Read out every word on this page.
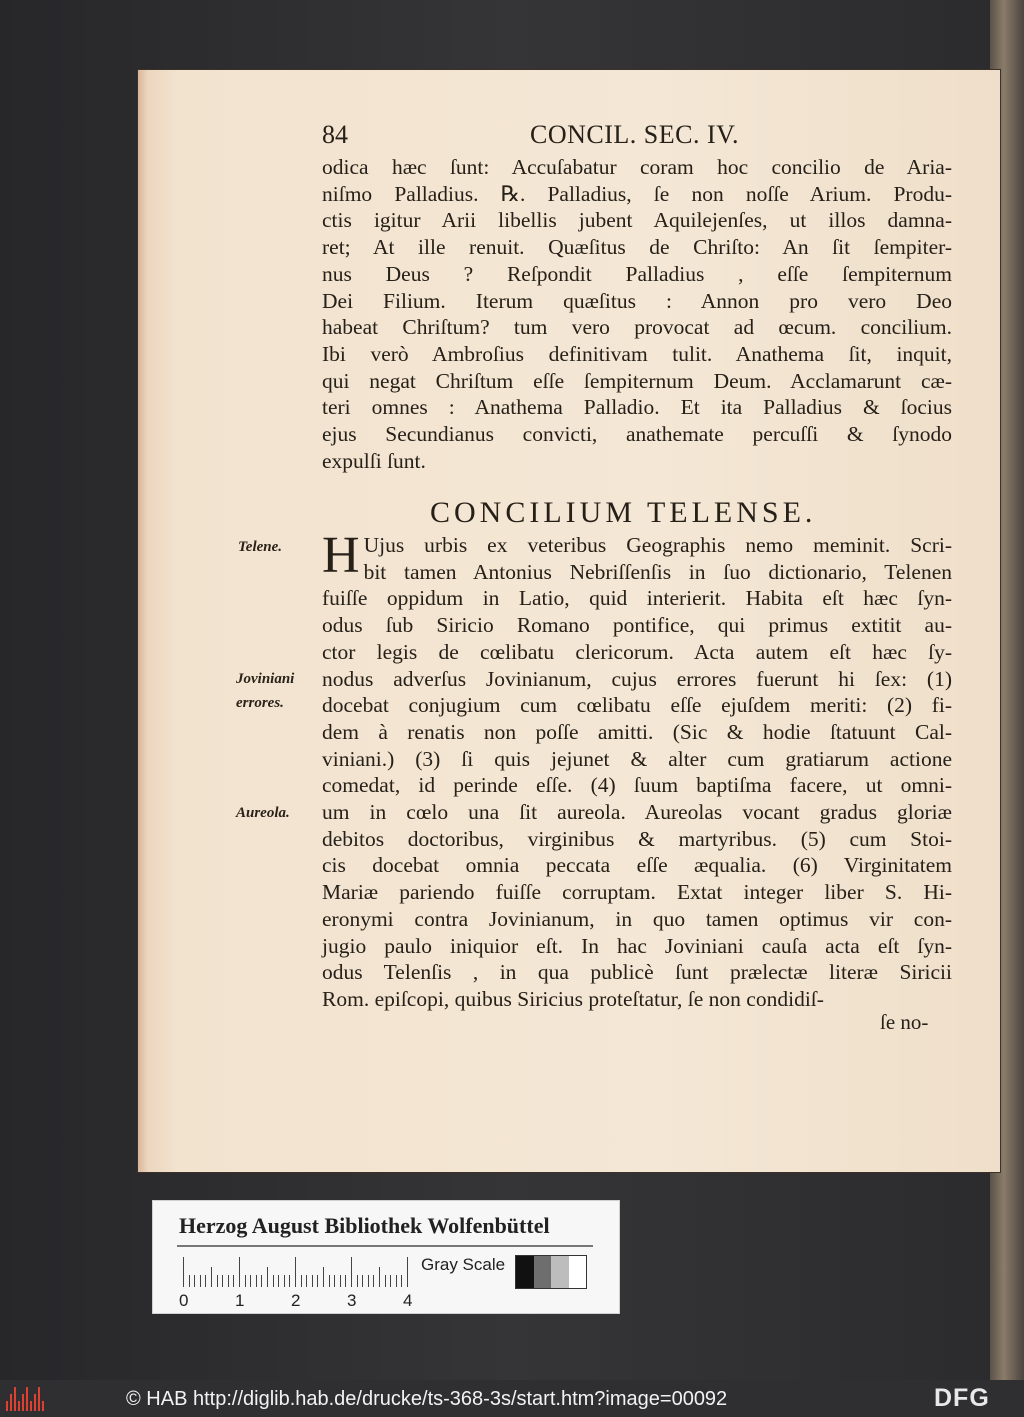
84	CONCIL. SEC. IV.
odica hæc ſunt: Accuſabatur coram hoc concilio de Aria-
niſmo Palladius. ℞. Palladius, ſe non noſſe Arium. Produ-
ctis igitur Arii libellis jubent Aquilejenſes, ut illos damna-
ret; At ille renuit. Quæſitus de Chriſto: An ſit ſempiter-
nus Deus ? Reſpondit Palladius , eſſe ſempiternum
Dei Filium. Iterum quæſitus : Annon pro vero Deo
habeat Chriſtum? tum vero provocat ad œcum. concilium.
Ibi verò Ambroſius definitivam tulit. Anathema ſit, inquit,
qui negat Chriſtum eſſe ſempiternum Deum. Acclamarunt cæ-
teri omnes : Anathema Palladio. Et ita Palladius & ſocius
ejus Secundianus convicti, anathemate percuſſi & ſynodo
expulſi ſunt.
CONCILIUM TELENSE.
H Ujus urbis ex veteribus Geographis nemo meminit. Scri-
bit tamen Antonius Nebriſſenſis in ſuo dictionario, Telenen
fuiſſe oppidum in Latio, quid interierit. Habita eſt hæc ſyn-
odus ſub Siricio Romano pontifice, qui primus extitit au-
ctor legis de cœlibatu clericorum. Acta autem eſt hæc ſy-
nodus adverſus Jovinianum, cujus errores fuerunt hi ſex: (1)
docebat conjugium cum cœlibatu eſſe ejuſdem meriti: (2) fi-
dem à renatis non poſſe amitti. (Sic & hodie ſtatuunt Cal-
viniani.) (3) ſi quis jejunet & alter cum gratiarum actione
comedat, id perinde eſſe. (4) ſuum baptiſma facere, ut omni-
um in cœlo una ſit aureola. Aureolas vocant gradus gloriæ
debitos doctoribus, virginibus & martyribus. (5) cum Stoi-
cis docebat omnia peccata eſſe æqualia. (6) Virginitatem
Mariæ pariendo fuiſſe corruptam. Extat integer liber S. Hi-
eronymi contra Jovinianum, in quo tamen optimus vir con-
jugio paulo iniquior eſt. In hac Joviniani cauſa acta eſt ſyn-
odus Telenſis , in qua publicè ſunt prælectæ literæ Siricii
Rom. epiſcopi, quibus Siricius proteſtatur, ſe non condidiſ-
ſe no-
Telene.
Joviniani
errores.
Aureola.
Herzog August Bibliothek Wolfenbüttel
0	1	2	3	4
Gray Scale
© HAB http://diglib.hab.de/drucke/ts-368-3s/start.htm?image=00092	DFG
